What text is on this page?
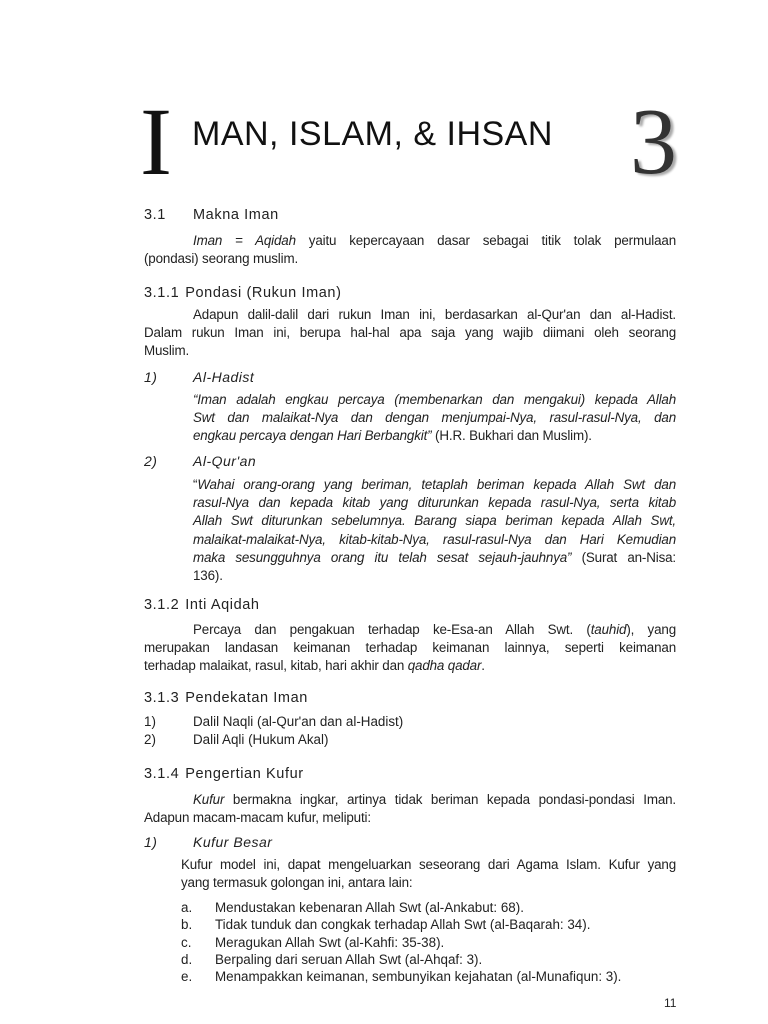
I MAN, ISLAM, & IHSAN 3
3.1	Makna Iman
3.1.1 Pondasi (Rukun Iman)
3.1.2 Inti Aqidah
3.1.3 Pendekatan Iman
3.1.4 Pengertian Kufur
Iman = Aqidah yaitu kepercayaan dasar sebagai titik tolak permulaan
(pondasi) seorang muslim.
Adapun dalil-dalil dari rukun Iman ini, berdasarkan al-Qur'an dan al-Hadist.
Dalam rukun Iman ini, berupa hal-hal apa saja yang wajib diimani oleh seorang
Muslim.
“Iman adalah engkau percaya (membenarkan dan mengakui) kepada Allah
Swt dan malaikat-Nya dan dengan menjumpai-Nya, rasul-rasul-Nya, dan
engkau percaya dengan Hari Berbangkit” (H.R. Bukhari dan Muslim).
“Wahai orang-orang yang beriman, tetaplah beriman kepada Allah Swt dan
rasul-Nya dan kepada kitab yang diturunkan kepada rasul-Nya, serta kitab
Allah Swt diturunkan sebelumnya. Barang siapa beriman kepada Allah Swt,
malaikat-malaikat-Nya, kitab-kitab-Nya, rasul-rasul-Nya dan Hari Kemudian
maka sesungguhnya orang itu telah sesat sejauh-jauhnya” (Surat an-Nisa:
136).
Percaya dan pengakuan terhadap ke-Esa-an Allah Swt. (tauhid), yang
merupakan landasan keimanan terhadap keimanan lainnya, seperti keimanan
terhadap malaikat, rasul, kitab, hari akhir dan qadha qadar.
Kufur bermakna ingkar, artinya tidak beriman kepada pondasi-pondasi Iman.
Adapun macam-macam kufur, meliputi:
Kufur model ini, dapat mengeluarkan seseorang dari Agama Islam. Kufur yang
yang termasuk golongan ini, antara lain:
1)	Al-Hadist
2)	Al-Qur'an
1)	Dalil Naqli (al-Qur'an dan al-Hadist)
2)	Dalil Aqli (Hukum Akal)
1)	Kufur Besar
a.	Mendustakan kebenaran Allah Swt (al-Ankabut: 68).
b.	Tidak tunduk dan congkak terhadap Allah Swt (al-Baqarah: 34).
c.	Meragukan Allah Swt (al-Kahfi: 35-38).
d.	Berpaling dari seruan Allah Swt (al-Ahqaf: 3).
e.	Menampakkan keimanan, sembunyikan kejahatan (al-Munafiqun: 3).
11
